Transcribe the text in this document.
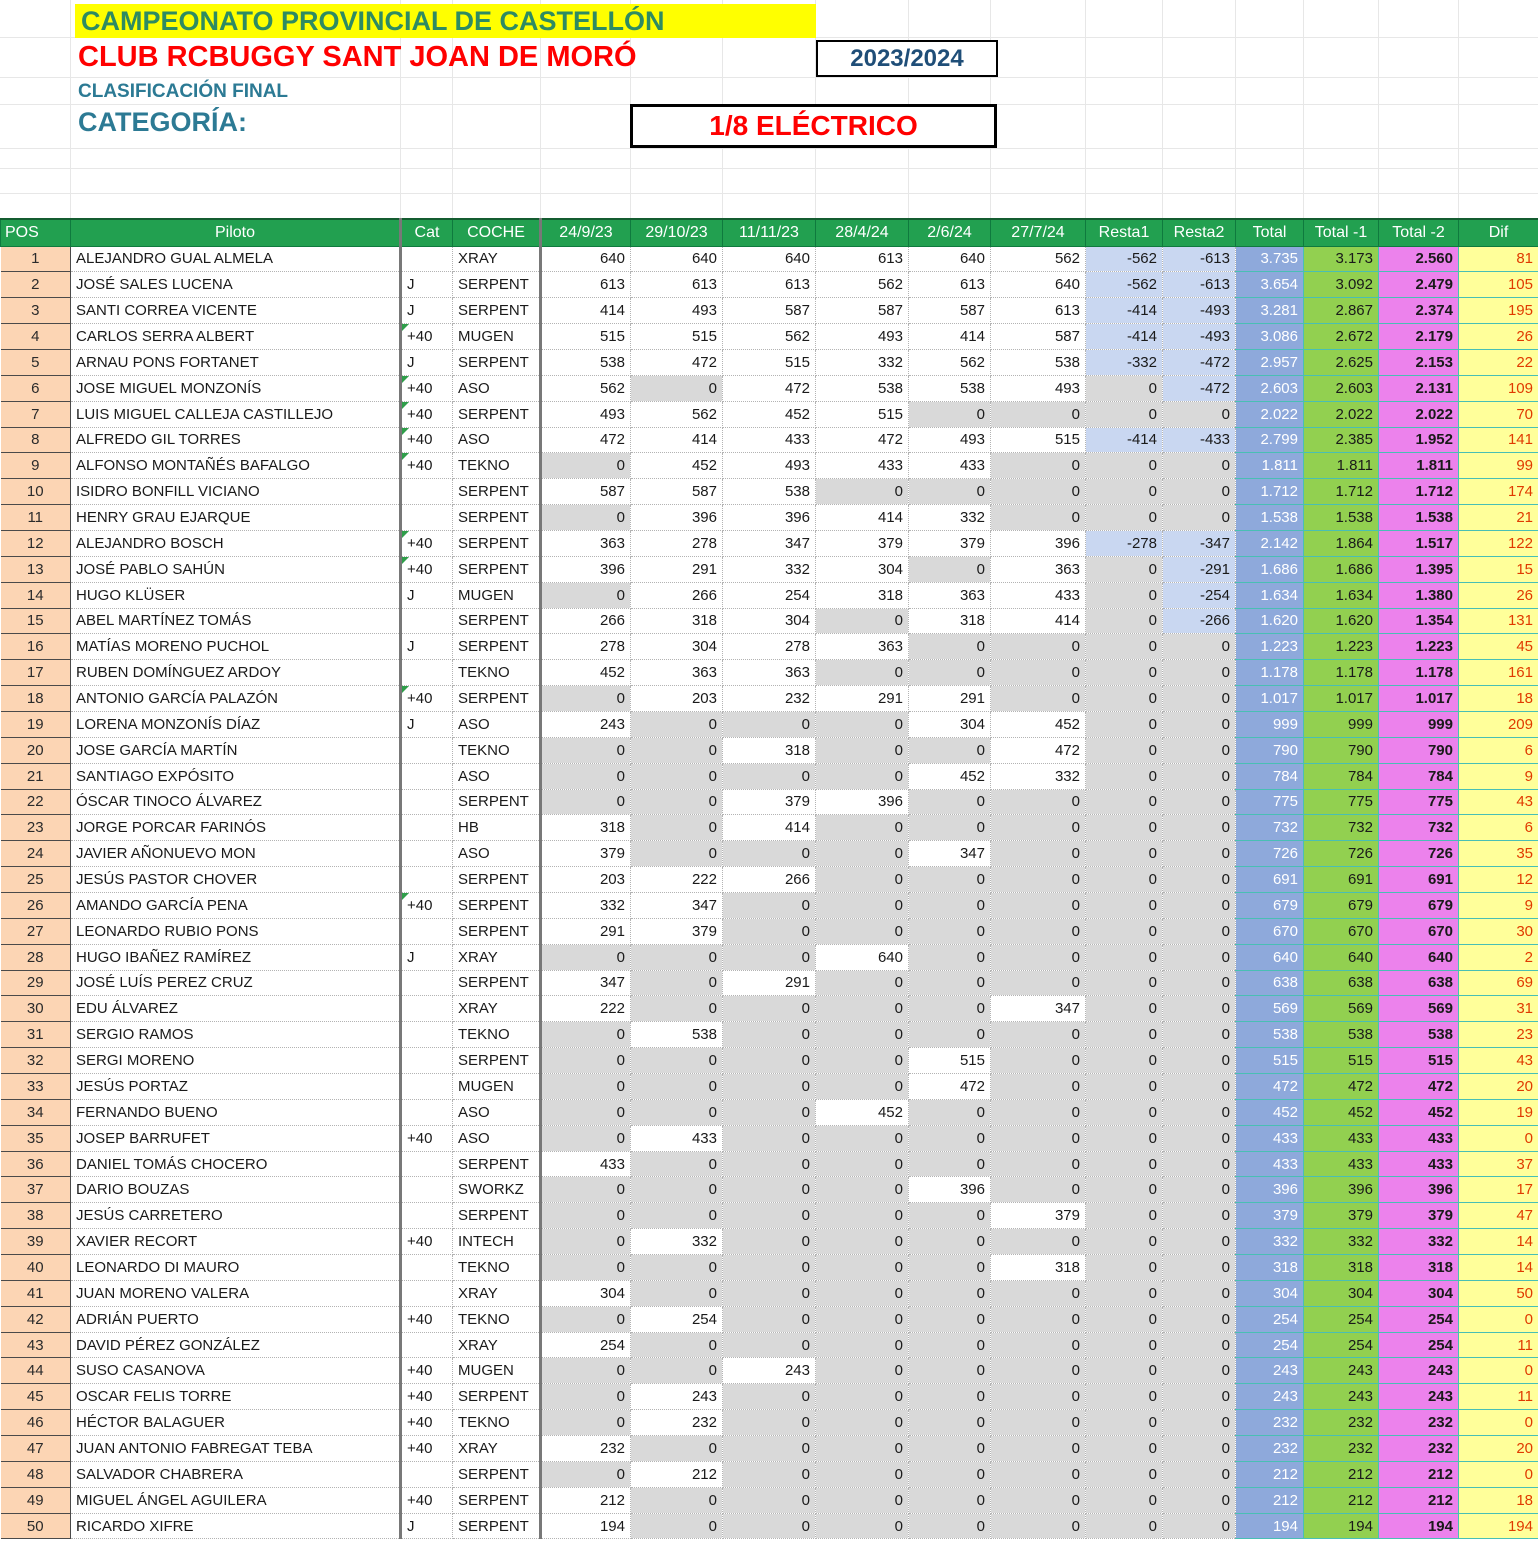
CAMPEONATO PROVINCIAL DE CASTELLÓN
CLUB RCBUGGY SANT JOAN DE MORÓ	2023/2024
CLASIFICACIÓN FINAL
CATEGORÍA:	1/8 ELÉCTRICO
POS	Piloto	Cat	COCHE	24/9/23	29/10/23	11/11/23	28/4/24	2/6/24	27/7/24	Resta1	Resta2	Total	Total -1	Total -2	Dif
1	ALEJANDRO GUAL ALMELA		XRAY	640	640	640	613	640	562	-562	-613	3.735	3.173	2.560	81
2	JOSÉ SALES LUCENA	J	SERPENT	613	613	613	562	613	640	-562	-613	3.654	3.092	2.479	105
3	SANTI CORREA VICENTE	J	SERPENT	414	493	587	587	587	613	-414	-493	3.281	2.867	2.374	195
4	CARLOS SERRA ALBERT	+40	MUGEN	515	515	562	493	414	587	-414	-493	3.086	2.672	2.179	26
5	ARNAU PONS FORTANET	J	SERPENT	538	472	515	332	562	538	-332	-472	2.957	2.625	2.153	22
6	JOSE MIGUEL MONZONÍS	+40	ASO	562	0	472	538	538	493	0	-472	2.603	2.603	2.131	109
7	LUIS MIGUEL CALLEJA CASTILLEJO	+40	SERPENT	493	562	452	515	0	0	0	0	2.022	2.022	2.022	70
8	ALFREDO GIL TORRES	+40	ASO	472	414	433	472	493	515	-414	-433	2.799	2.385	1.952	141
9	ALFONSO MONTAÑÉS BAFALGO	+40	TEKNO	0	452	493	433	433	0	0	0	1.811	1.811	1.811	99
10	ISIDRO BONFILL VICIANO		SERPENT	587	587	538	0	0	0	0	0	1.712	1.712	1.712	174
11	HENRY GRAU EJARQUE		SERPENT	0	396	396	414	332	0	0	0	1.538	1.538	1.538	21
12	ALEJANDRO BOSCH	+40	SERPENT	363	278	347	379	379	396	-278	-347	2.142	1.864	1.517	122
13	JOSÉ PABLO SAHÚN	+40	SERPENT	396	291	332	304	0	363	0	-291	1.686	1.686	1.395	15
14	HUGO KLÜSER	J	MUGEN	0	266	254	318	363	433	0	-254	1.634	1.634	1.380	26
15	ABEL MARTÍNEZ TOMÁS		SERPENT	266	318	304	0	318	414	0	-266	1.620	1.620	1.354	131
16	MATÍAS MORENO PUCHOL	J	SERPENT	278	304	278	363	0	0	0	0	1.223	1.223	1.223	45
17	RUBEN DOMÍNGUEZ ARDOY		TEKNO	452	363	363	0	0	0	0	0	1.178	1.178	1.178	161
18	ANTONIO GARCÍA PALAZÓN	+40	SERPENT	0	203	232	291	291	0	0	0	1.017	1.017	1.017	18
19	LORENA MONZONÍS DÍAZ	J	ASO	243	0	0	0	304	452	0	0	999	999	999	209
20	JOSE GARCÍA MARTÍN		TEKNO	0	0	318	0	0	472	0	0	790	790	790	6
21	SANTIAGO EXPÓSITO		ASO	0	0	0	0	452	332	0	0	784	784	784	9
22	ÓSCAR TINOCO ÁLVAREZ		SERPENT	0	0	379	396	0	0	0	0	775	775	775	43
23	JORGE PORCAR FARINÓS		HB	318	0	414	0	0	0	0	0	732	732	732	6
24	JAVIER AÑONUEVO MON		ASO	379	0	0	0	347	0	0	0	726	726	726	35
25	JESÚS PASTOR CHOVER		SERPENT	203	222	266	0	0	0	0	0	691	691	691	12
26	AMANDO GARCÍA PENA	+40	SERPENT	332	347	0	0	0	0	0	0	679	679	679	9
27	LEONARDO RUBIO PONS		SERPENT	291	379	0	0	0	0	0	0	670	670	670	30
28	HUGO IBAÑEZ RAMÍREZ	J	XRAY	0	0	0	640	0	0	0	0	640	640	640	2
29	JOSÉ LUÍS PEREZ CRUZ		SERPENT	347	0	291	0	0	0	0	0	638	638	638	69
30	EDU ÁLVAREZ		XRAY	222	0	0	0	0	347	0	0	569	569	569	31
31	SERGIO RAMOS		TEKNO	0	538	0	0	0	0	0	0	538	538	538	23
32	SERGI MORENO		SERPENT	0	0	0	0	515	0	0	0	515	515	515	43
33	JESÚS PORTAZ		MUGEN	0	0	0	0	472	0	0	0	472	472	472	20
34	FERNANDO BUENO		ASO	0	0	0	452	0	0	0	0	452	452	452	19
35	JOSEP BARRUFET	+40	ASO	0	433	0	0	0	0	0	0	433	433	433	0
36	DANIEL TOMÁS CHOCERO		SERPENT	433	0	0	0	0	0	0	0	433	433	433	37
37	DARIO BOUZAS		SWORKZ	0	0	0	0	396	0	0	0	396	396	396	17
38	JESÚS CARRETERO		SERPENT	0	0	0	0	0	379	0	0	379	379	379	47
39	XAVIER RECORT	+40	INTECH	0	332	0	0	0	0	0	0	332	332	332	14
40	LEONARDO DI MAURO		TEKNO	0	0	0	0	0	318	0	0	318	318	318	14
41	JUAN MORENO VALERA		XRAY	304	0	0	0	0	0	0	0	304	304	304	50
42	ADRIÁN PUERTO	+40	TEKNO	0	254	0	0	0	0	0	0	254	254	254	0
43	DAVID PÉREZ GONZÁLEZ		XRAY	254	0	0	0	0	0	0	0	254	254	254	11
44	SUSO CASANOVA	+40	MUGEN	0	0	243	0	0	0	0	0	243	243	243	0
45	OSCAR FELIS TORRE	+40	SERPENT	0	243	0	0	0	0	0	0	243	243	243	11
46	HÉCTOR BALAGUER	+40	TEKNO	0	232	0	0	0	0	0	0	232	232	232	0
47	JUAN ANTONIO FABREGAT TEBA	+40	XRAY	232	0	0	0	0	0	0	0	232	232	232	20
48	SALVADOR CHABRERA		SERPENT	0	212	0	0	0	0	0	0	212	212	212	0
49	MIGUEL ÁNGEL AGUILERA	+40	SERPENT	212	0	0	0	0	0	0	0	212	212	212	18
50	RICARDO XIFRE	J	SERPENT	194	0	0	0	0	0	0	0	194	194	194	194
